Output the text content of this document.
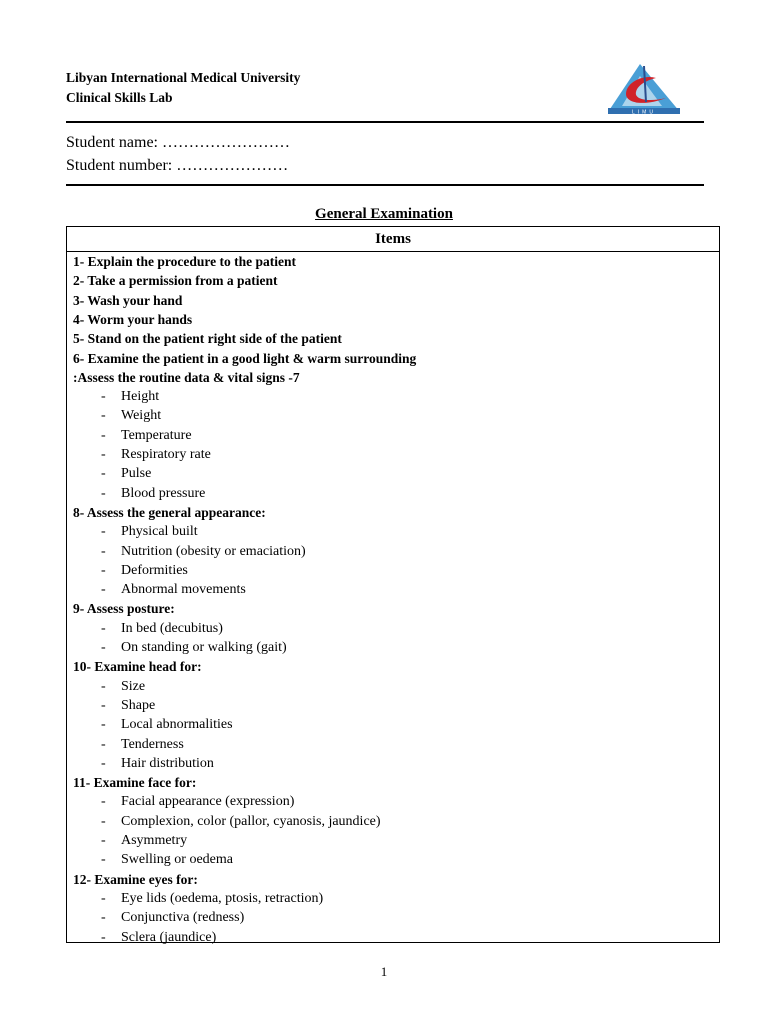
Libyan International Medical University
Clinical Skills Lab
LIMU
Student name: ……………………
Student number: …………………
General Examination
Items
1- Explain the procedure to the patient
2- Take a permission from a patient
3- Wash your hand
4- Worm your hands
5- Stand on the patient right side of the patient
6- Examine the patient in a good light & warm surrounding
:Assess the routine data & vital signs -7
- Height
- Weight
- Temperature
- Respiratory rate
- Pulse
- Blood pressure
8- Assess the general appearance:
- Physical built
- Nutrition (obesity or emaciation)
- Deformities
- Abnormal movements
9- Assess posture:
- In bed (decubitus)
- On standing or walking (gait)
10- Examine head for:
- Size
- Shape
- Local abnormalities
- Tenderness
- Hair distribution
11- Examine face for:
- Facial appearance (expression)
- Complexion, color (pallor, cyanosis, jaundice)
- Asymmetry
- Swelling or oedema
12- Examine eyes for:
- Eye lids (oedema, ptosis, retraction)
- Conjunctiva (redness)
- Sclera (jaundice)
1
